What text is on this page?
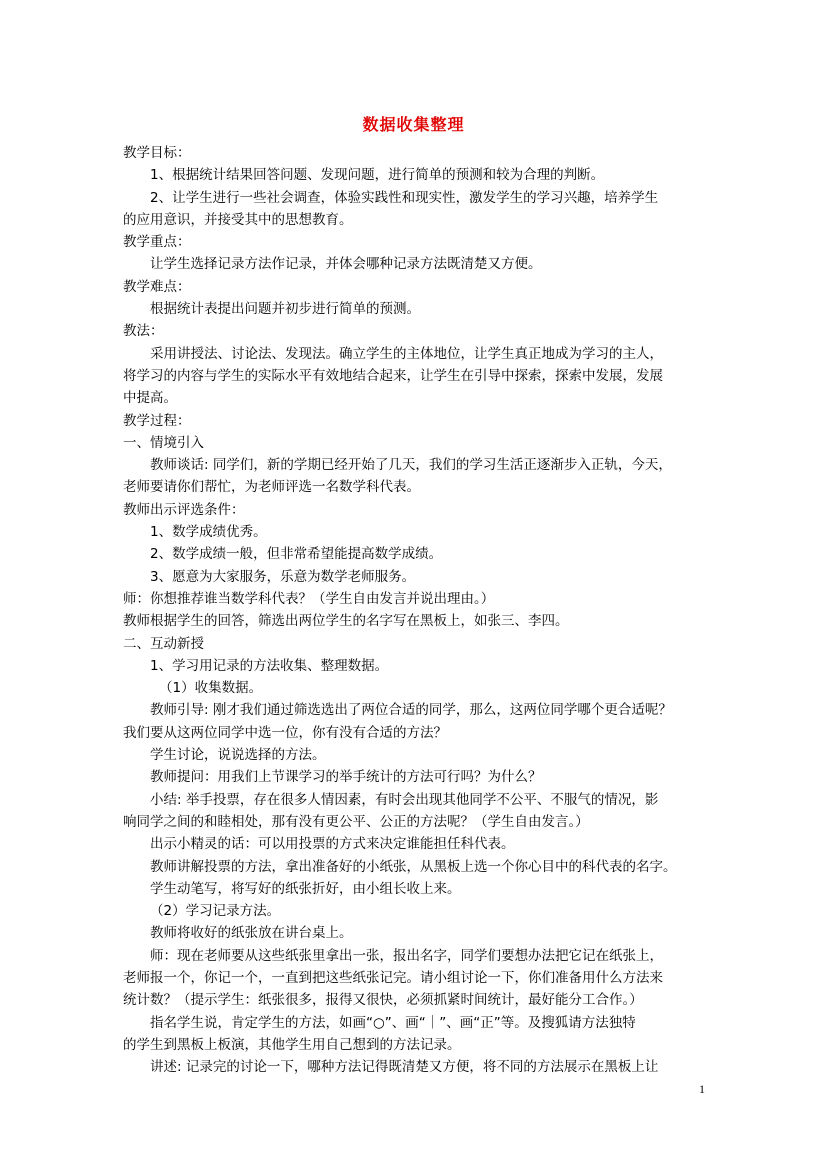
数据收集整理
教学目标：
1、根据统计结果回答问题、发现问题，进行简单的预测和较为合理的判断。
2、让学生进行一些社会调查，体验实践性和现实性，激发学生的学习兴趣，培养学生
的应用意识，并接受其中的思想教育。
教学重点：
让学生选择记录方法作记录，并体会哪种记录方法既清楚又方便。
教学难点：
根据统计表提出问题并初步进行简单的预测。
教法：
采用讲授法、讨论法、发现法。确立学生的主体地位，让学生真正地成为学习的主人，
将学习的内容与学生的实际水平有效地结合起来，让学生在引导中探索，探索中发展，发展
中提高。
教学过程：
一、情境引入
教师谈话: 同学们，新的学期已经开始了几天，我们的学习生活正逐渐步入正轨，今天，
老师要请你们帮忙，为老师评选一名数学科代表。
教师出示评选条件：
1、数学成绩优秀。
2、数学成绩一般，但非常希望能提高数学成绩。
3、愿意为大家服务，乐意为数学老师服务。
师：你想推荐谁当数学科代表？（学生自由发言并说出理由。）
教师根据学生的回答，筛选出两位学生的名字写在黑板上，如张三、李四。
二、互动新授
1、学习用记录的方法收集、整理数据。
（1）收集数据。
教师引导: 刚才我们通过筛选选出了两位合适的同学，那么，这两位同学哪个更合适呢？
我们要从这两位同学中选一位，你有没有合适的方法？
学生讨论，说说选择的方法。
教师提问：用我们上节课学习的举手统计的方法可行吗？为什么？
小结: 举手投票，存在很多人情因素，有时会出现其他同学不公平、不服气的情况，影
响同学之间的和睦相处，那有没有更公平、公正的方法呢？（学生自由发言。）
出示小精灵的话：可以用投票的方式来决定谁能担任科代表。
教师讲解投票的方法，拿出准备好的小纸张，从黑板上选一个你心目中的科代表的名字。
学生动笔写，将写好的纸张折好，由小组长收上来。
（2）学习记录方法。
教师将收好的纸张放在讲台桌上。
师：现在老师要从这些纸张里拿出一张，报出名字，同学们要想办法把它记在纸张上，
老师报一个，你记一个，一直到把这些纸张记完。请小组讨论一下，你们准备用什么方法来
统计数？（提示学生：纸张很多，报得又很快，必须抓紧时间统计，最好能分工合作。）
指名学生说，肯定学生的方法，如画“○”、画“｜”、画“正”等。及搜狐请方法独特
的学生到黑板上板演，其他学生用自己想到的方法记录。
讲述: 记录完的讨论一下，哪种方法记得既清楚又方便，将不同的方法展示在黑板上让
1
